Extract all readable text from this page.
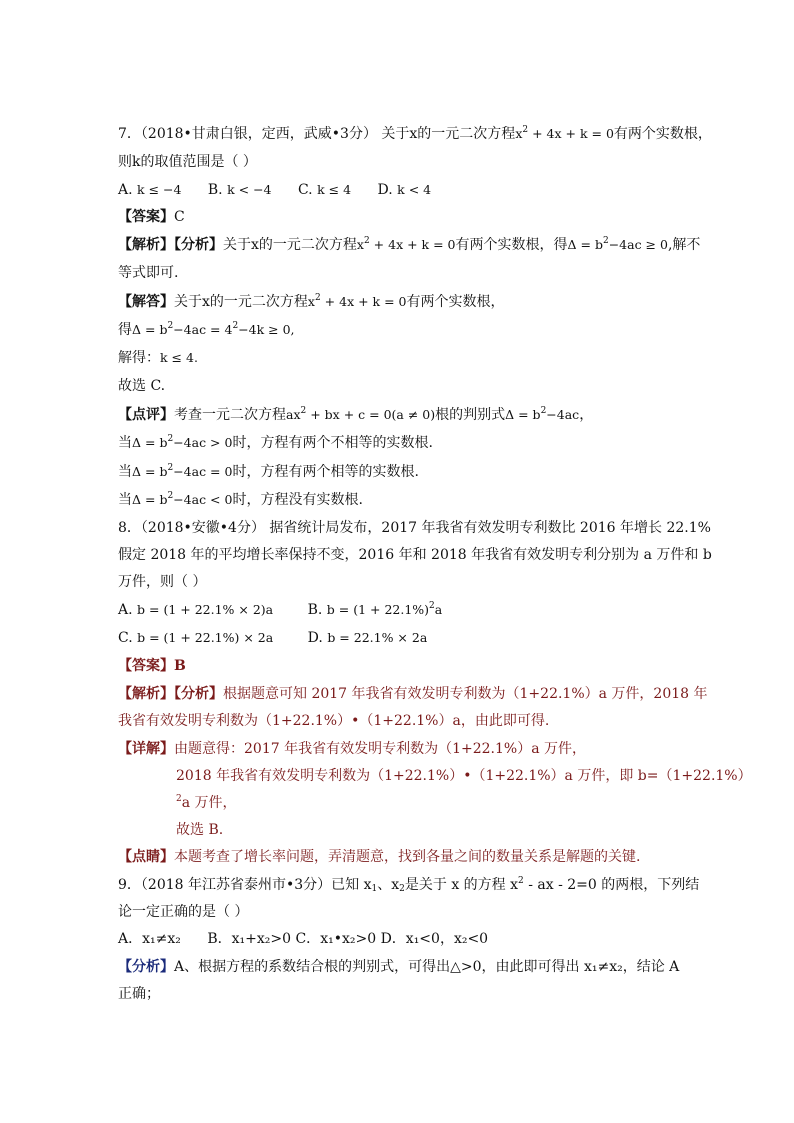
7．（2018•甘肃白银，定西，武威•3分） 关于x的一元二次方程$x^2 + 4x + k = 0$有两个实数根，
则k的取值范围是（ ）
A. k ≤ −4 B. k < −4 C. k ≤ 4 D. k < 4
【答案】C
【解析】【分析】关于x的一元二次方程$x^2 + 4x + k = 0$有两个实数根，得$\Delta = b^2-4ac \ge 0$,解不
等式即可.
【解答】关于x的一元二次方程$x^2 + 4x + k = 0$有两个实数根，
得$\Delta = b^2-4ac = 4^2-4k \ge 0$,
解得：k ≤ 4.
故选 C.
【点评】考查一元二次方程$ax^2$ + bx + c = 0(a ≠ 0)根的判别式$\Delta = b^2-4ac$，
当$\Delta = b^2-4ac > 0$时，方程有两个不相等的实数根.
当$\Delta = b^2-4ac = 0$时，方程有两个相等的实数根.
当$\Delta = b^2-4ac < 0$时，方程没有实数根.
8．（2018•安徽•4分） 据省统计局发布，2017 年我省有效发明专利数比 2016 年增长 22.1%
假定 2018 年的平均增长率保持不变，2016 年和 2018 年我省有效发明专利分别为 a 万件和 b
万件，则（ ）
A. b = (1 + 22.1% × 2)a B. $b = (1 + 22.1\%)^2a$
C. b = (1 + 22.1%) × 2a D. b = 22.1% × 2a
【答案】B
【解析】【分析】根据题意可知 2017 年我省有效发明专利数为（1+22.1%）a 万件，2018 年
我省有效发明专利数为（1+22.1%）•（1+22.1%）a，由此即可得.
【详解】由题意得：2017 年我省有效发明专利数为（1+22.1%）a 万件，
2018 年我省有效发明专利数为（1+22.1%）•（1+22.1%）a 万件，即 b=（1+22.1%）
$^2$a 万件，
故选 B.
【点睛】本题考查了增长率问题，弄清题意，找到各量之间的数量关系是解题的关键.
9．（2018 年江苏省泰州市•3分）已知 $x_1$、$x_2$是关于 x 的方程 $x^2$ - ax - 2=0 的两根，下列结
论一定正确的是（ ）
A．x₁≠x₂ B．x₁+x₂>0 C．x₁•x₂>0 D．x₁<0，x₂<0
【分析】A、根据方程的系数结合根的判别式，可得出△>0，由此即可得出 x₁≠x₂，结论 A
正确；
